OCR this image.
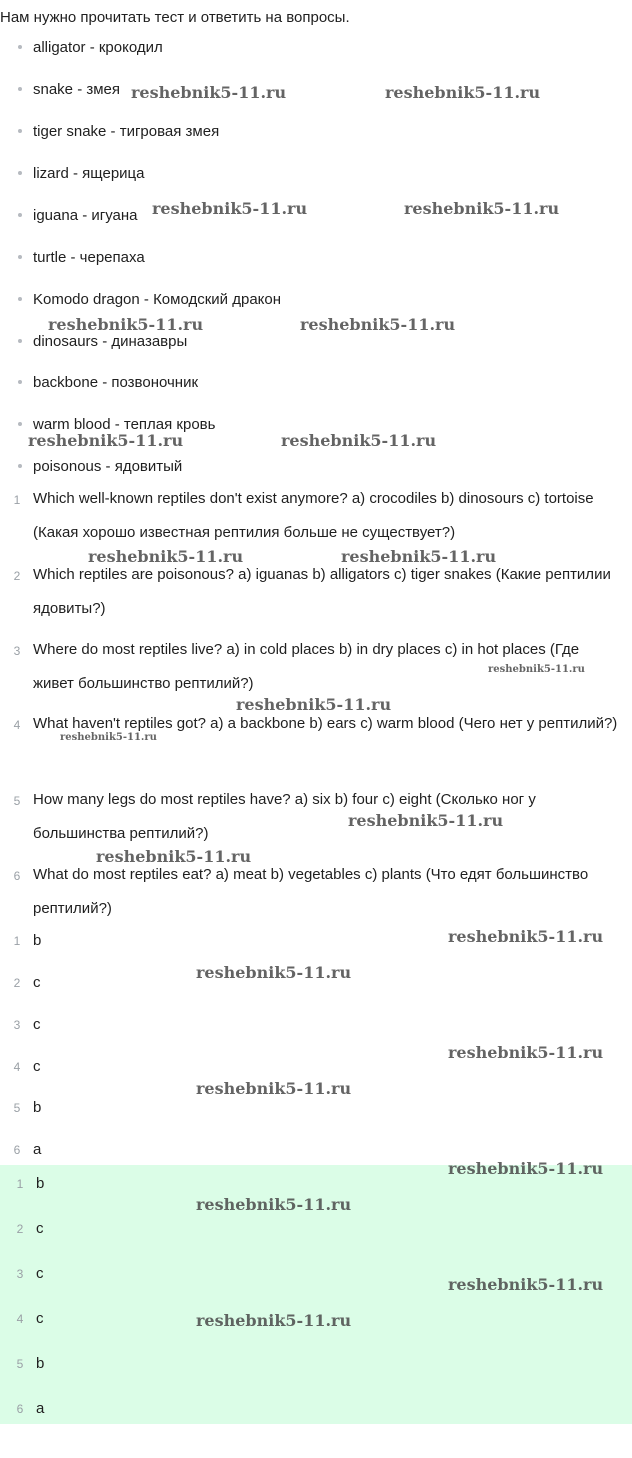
Нам нужно прочитать тест и ответить на вопросы.
alligator - крокодил
snake - змея
tiger snake - тигровая змея
lizard - ящерица
iguana - игуана
turtle - черепаха
Komodo dragon - Комодский дракон
dinosaurs - диназавры
backbone - позвоночник
warm blood - теплая кровь
poisonous - ядовитый
1 Which well-known reptiles don't exist anymore? a) crocodiles b) dinosours c) tortoise (Какая хорошо известная рептилия больше не существует?)
2 Which reptiles are poisonous? a) iguanas b) alligators c) tiger snakes (Какие рептилии ядовиты?)
3 Where do most reptiles live? a) in cold places b) in dry places c) in hot places (Где живет большинство рептилий?)
4 What haven't reptiles got? a) a backbone b) ears c) warm blood (Чего нет у рептилий?)
5 How many legs do most reptiles have? a) six b) four c) eight (Сколько ног у большинства рептилий?)
6 What do most reptiles eat? a) meat b) vegetables c) plants (Что едят большинство рептилий?)
1 b
2 c
3 c
4 c
5 b
6 a
1 b
2 c
3 c
4 c
5 b
6 a
reshebnik5-11.ru	reshebnik5-11.ru
reshebnik5-11.ru	reshebnik5-11.ru
reshebnik5-11.ru	reshebnik5-11.ru
reshebnik5-11.ru	reshebnik5-11.ru
reshebnik5-11.ru	reshebnik5-11.ru
reshebnik5-11.ru
reshebnik5-11.ru
reshebnik5-11.ru
reshebnik5-11.ru
reshebnik5-11.ru
reshebnik5-11.ru
reshebnik5-11.ru
reshebnik5-11.ru
reshebnik5-11.ru
reshebnik5-11.ru
reshebnik5-11.ru
reshebnik5-11.ru
reshebnik5-11.ru
